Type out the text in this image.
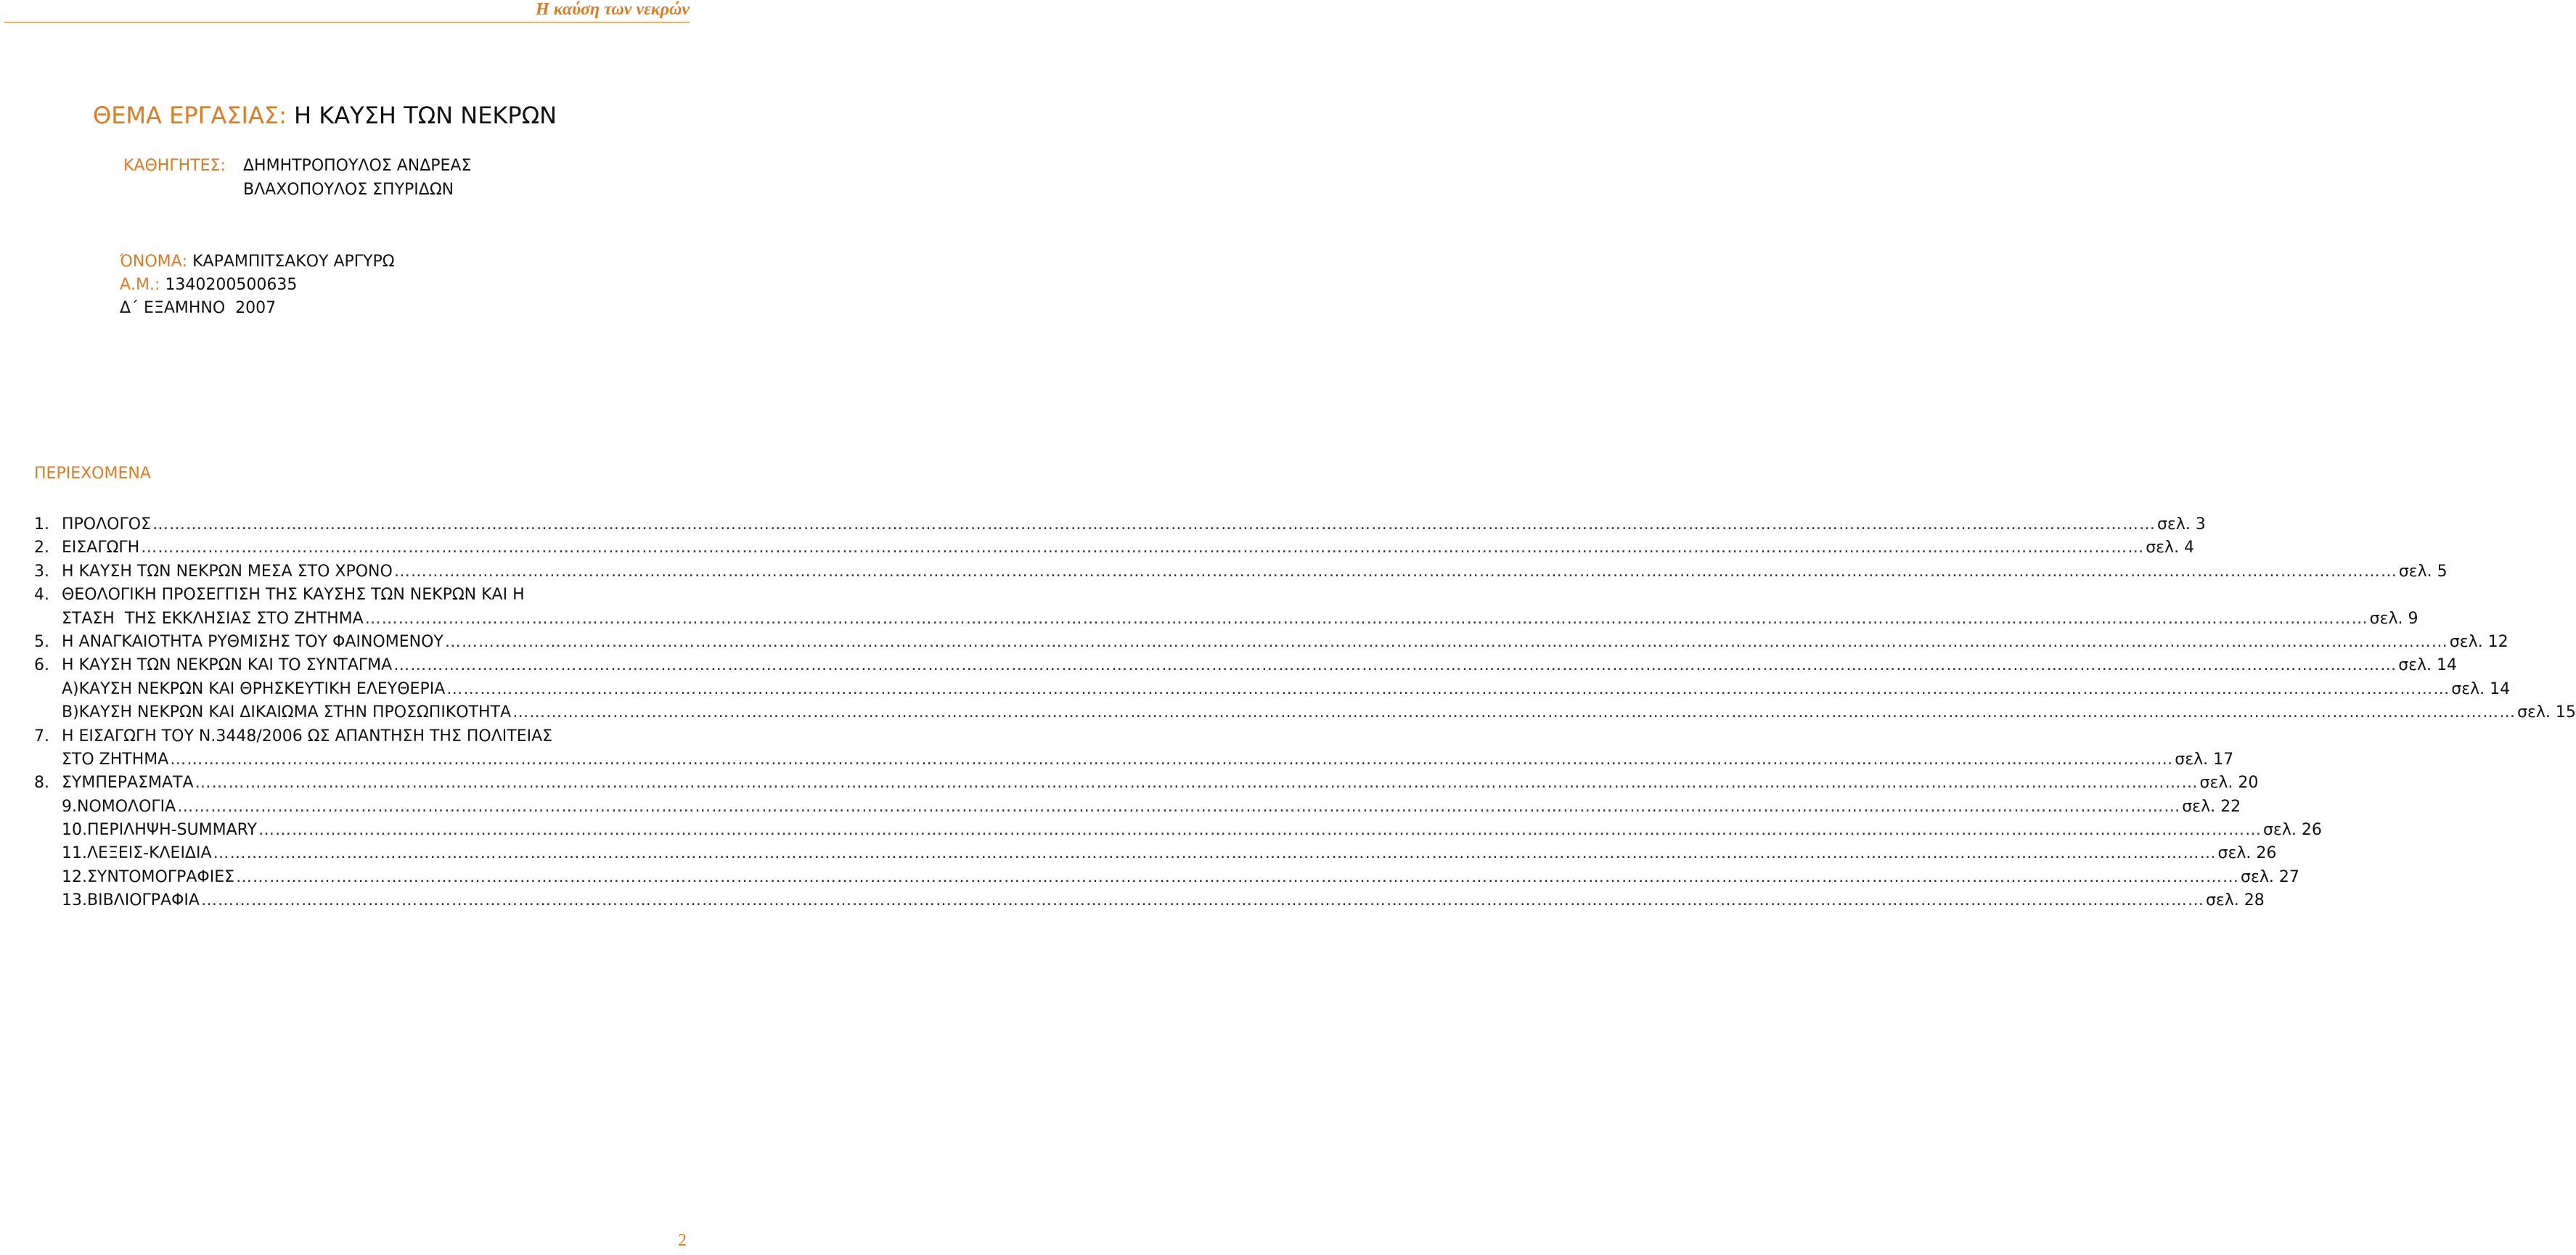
Η καύση των νεκρών
ΘΕΜΑ ΕΡΓΑΣΙΑΣ: Η ΚΑΥΣΗ ΤΩΝ ΝΕΚΡΩΝ
ΚΑΘΗΓΗΤΕΣ: ΔΗΜΗΤΡΟΠΟΥΛΟΣ ΑΝΔΡΕΑΣ
ΒΛΑΧΟΠΟΥΛΟΣ ΣΠΥΡΙΔΩΝ
ΌΝΟΜΑ: ΚΑΡΑΜΠΙΤΣΑΚΟΥ ΑΡΓΥΡΩ
Α.Μ.: 1340200500635
Δ΄ ΕΞΑΜΗΝΟ  2007
ΠΕΡΙΕΧΟΜΕΝΑ
1. ΠΡΟΛΟΓΟΣ ……………………………………………………………………………………………………………………………………………………………………………………………………………………………………………………………………………………………………………………………… σελ. 3
2. ΕΙΣΑΓΩΓΗ ……………………………………………………………………………………………………………………………………………………………………………………………………………………………………………………………………………………………………………………………… σελ. 4
3. Η ΚΑΥΣΗ ΤΩΝ ΝΕΚΡΩΝ ΜΕΣΑ ΣΤΟ ΧΡΟΝΟ ……………………………………………………………………………………………………………………………………………………………………………………………………………………………………………………………………………………………………………………………… σελ. 5
4. ΘΕΟΛΟΓΙΚΗ ΠΡΟΣΕΓΓΙΣΗ ΤΗΣ ΚΑΥΣΗΣ ΤΩΝ ΝΕΚΡΩΝ ΚΑΙ Η
ΣΤΑΣΗ  ΤΗΣ ΕΚΚΛΗΣΙΑΣ ΣΤΟ ΖΗΤΗΜΑ ……………………………………………………………………………………………………………………………………………………………………………………………………………………………………………………………………………………………………………………………… σελ. 9
5. Η ΑΝΑΓΚΑΙΟΤΗΤΑ ΡΥΘΜΙΣΗΣ ΤΟΥ ΦΑΙΝΟΜΕΝΟΥ ……………………………………………………………………………………………………………………………………………………………………………………………………………………………………………………………………………………………………………………………… σελ. 12
6. Η ΚΑΥΣΗ ΤΩΝ ΝΕΚΡΩΝ ΚΑΙ ΤΟ ΣΥΝΤΑΓΜΑ ……………………………………………………………………………………………………………………………………………………………………………………………………………………………………………………………………………………………………………………………… σελ. 14
Α)ΚΑΥΣΗ ΝΕΚΡΩΝ ΚΑΙ ΘΡΗΣΚΕΥΤΙΚΗ ΕΛΕΥΘΕΡΙΑ ……………………………………………………………………………………………………………………………………………………………………………………………………………………………………………………………………………………………………………………………… σελ. 14
Β)ΚΑΥΣΗ ΝΕΚΡΩΝ ΚΑΙ ΔΙΚΑΙΩΜΑ ΣΤΗΝ ΠΡΟΣΩΠΙΚΟΤΗΤΑ ……………………………………………………………………………………………………………………………………………………………………………………………………………………………………………………………………………………………………………………………… σελ. 15
7. Η ΕΙΣΑΓΩΓΗ ΤΟΥ Ν.3448/2006 ΩΣ ΑΠΑΝΤΗΣΗ ΤΗΣ ΠΟΛΙΤΕΙΑΣ
ΣΤΟ ΖΗΤΗΜΑ ……………………………………………………………………………………………………………………………………………………………………………………………………………………………………………………………………………………………………………………………… σελ. 17
8. ΣΥΜΠΕΡΑΣΜΑΤΑ ……………………………………………………………………………………………………………………………………………………………………………………………………………………………………………………………………………………………………………………………… σελ. 20
9.ΝΟΜΟΛΟΓΙΑ ……………………………………………………………………………………………………………………………………………………………………………………………………………………………………………………………………………………………………………………………… σελ. 22
10.ΠΕΡΙΛΗΨΗ-SUMMARY ……………………………………………………………………………………………………………………………………………………………………………………………………………………………………………………………………………………………………………………………… σελ. 26
11.ΛΕΞΕΙΣ-ΚΛΕΙΔΙΑ ……………………………………………………………………………………………………………………………………………………………………………………………………………………………………………………………………………………………………………………………… σελ. 26
12.ΣΥΝΤΟΜΟΓΡΑΦΙΕΣ ……………………………………………………………………………………………………………………………………………………………………………………………………………………………………………………………………………………………………………………………… σελ. 27
13.ΒΙΒΛΙΟΓΡΑΦΙΑ ……………………………………………………………………………………………………………………………………………………………………………………………………………………………………………………………………………………………………………………………… σελ. 28
2
